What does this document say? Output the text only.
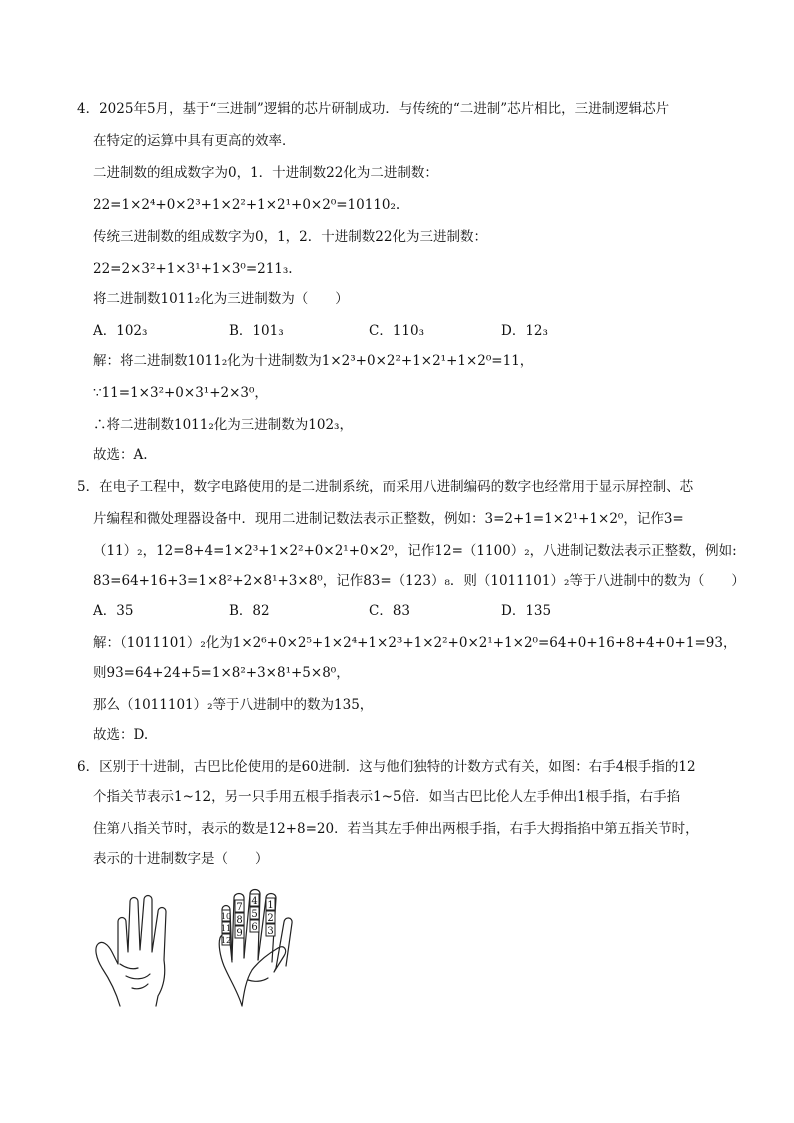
4．2025年5月，基于“三进制”逻辑的芯片研制成功．与传统的“二进制”芯片相比，三进制逻辑芯片
在特定的运算中具有更高的效率．
二进制数的组成数字为0，1．十进制数22化为二进制数：
22=1×2⁴+0×2³+1×2²+1×2¹+0×2⁰=10110₂.
传统三进制数的组成数字为0，1，2．十进制数22化为三进制数：
22=2×3²+1×3¹+1×3⁰=211₃.
将二进制数1011₂化为三进制数为（　　）
A．102₃	B．101₃	C．110₃	D．12₃
解：将二进制数1011₂化为十进制数为1×2³+0×2²+1×2¹+1×2⁰=11，
∵11=1×3²+0×3¹+2×3⁰，
∴将二进制数1011₂化为三进制数为102₃，
故选：A.
5．在电子工程中，数字电路使用的是二进制系统，而采用八进制编码的数字也经常用于显示屏控制、芯
片编程和微处理器设备中．现用二进制记数法表示正整数，例如：3=2+1=1×2¹+1×2⁰，记作3=
（11）₂，12=8+4=1×2³+1×2²+0×2¹+0×2⁰，记作12=（1100）₂，八进制记数法表示正整数，例如:
83=64+16+3=1×8²+2×8¹+3×8⁰，记作83=（123）₈．则（1011101）₂等于八进制中的数为（　　）
A．35	B．82	C．83	D．135
解：（1011101）₂化为1×2⁶+0×2⁵+1×2⁴+1×2³+1×2²+0×2¹+1×2⁰=64+0+16+8+4+0+1=93，
则93=64+24+5=1×8²+3×8¹+5×8⁰，
那么（1011101）₂等于八进制中的数为135，
故选：D.
6．区别于十进制，古巴比伦使用的是60进制．这与他们独特的计数方式有关，如图：右手4根手指的12
个指关节表示1~12，另一只手用五根手指表示1~5倍．如当古巴比伦人左手伸出1根手指，右手掐
住第八指关节时，表示的数是12+8=20．若当其左手伸出两根手指，右手大拇指掐中第五指关节时，
表示的十进制数字是（　　）
1
2
3
4
5
6
7
8
9
10
11
12
